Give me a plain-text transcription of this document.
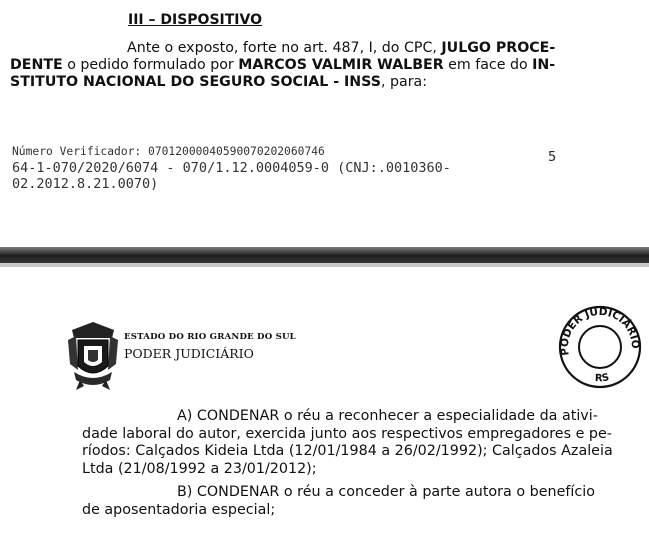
III – DISPOSITIVO
Ante o exposto, forte no art. 487, I, do CPC, JULGO PROCE-
DENTE o pedido formulado por MARCOS VALMIR WALBER em face do IN-
STITUTO NACIONAL DO SEGURO SOCIAL - INSS, para:
Número Verificador: 07012000040590070202060746
64-1-070/2020/6074 - 070/1.12.0004059-0 (CNJ:.0010360-
02.2012.8.21.0070)
5
ESTADO DO RIO GRANDE DO SUL
PODER JUDICIÁRIO	PODER JUDICIÁRIO
RS
A) CONDENAR o réu a reconhecer a especialidade da ativi-
dade laboral do autor, exercida junto aos respectivos empregadores e pe-
ríodos: Calçados Kideia Ltda (12/01/1984 a 26/02/1992); Calçados Azaleia
Ltda (21/08/1992 a 23/01/2012);
B) CONDENAR o réu a conceder à parte autora o benefício
de aposentadoria especial;
